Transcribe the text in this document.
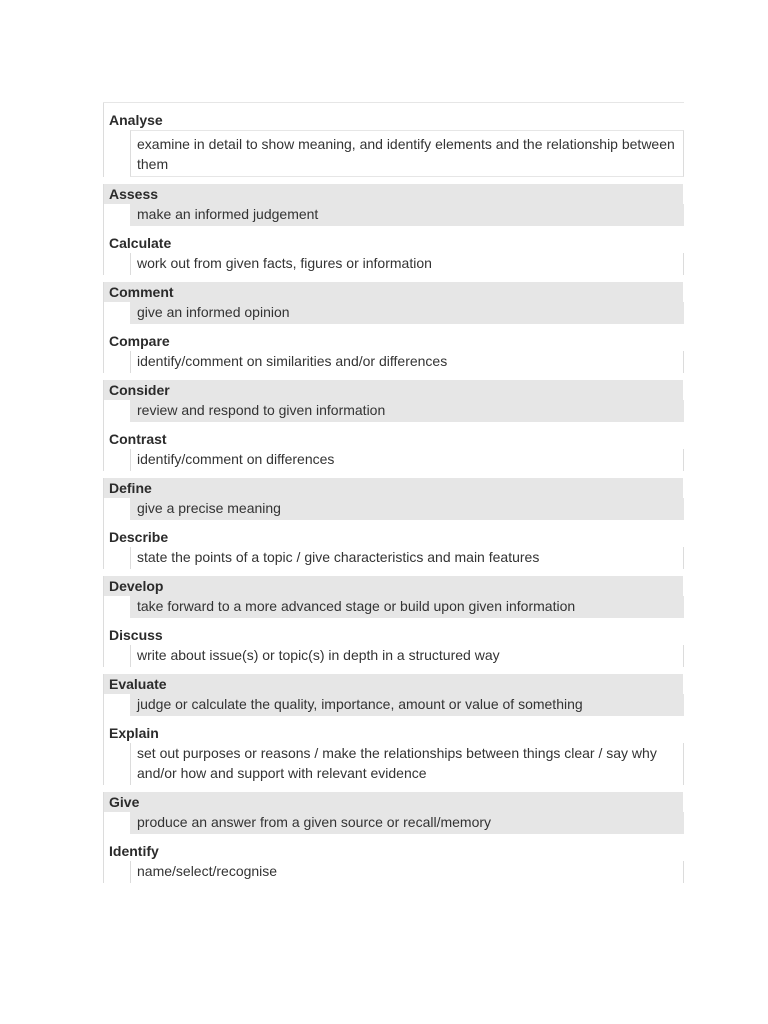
Analyse
examine in detail to show meaning, and identify elements and the relationship between them
Assess
make an informed judgement
Calculate
work out from given facts, figures or information
Comment
give an informed opinion
Compare
identify/comment on similarities and/or differences
Consider
review and respond to given information
Contrast
identify/comment on differences
Define
give a precise meaning
Describe
state the points of a topic / give characteristics and main features
Develop
take forward to a more advanced stage or build upon given information
Discuss
write about issue(s) or topic(s) in depth in a structured way
Evaluate
judge or calculate the quality, importance, amount or value of something
Explain
set out purposes or reasons / make the relationships between things clear / say why and/or how and support with relevant evidence
Give
produce an answer from a given source or recall/memory
Identify
name/select/recognise
